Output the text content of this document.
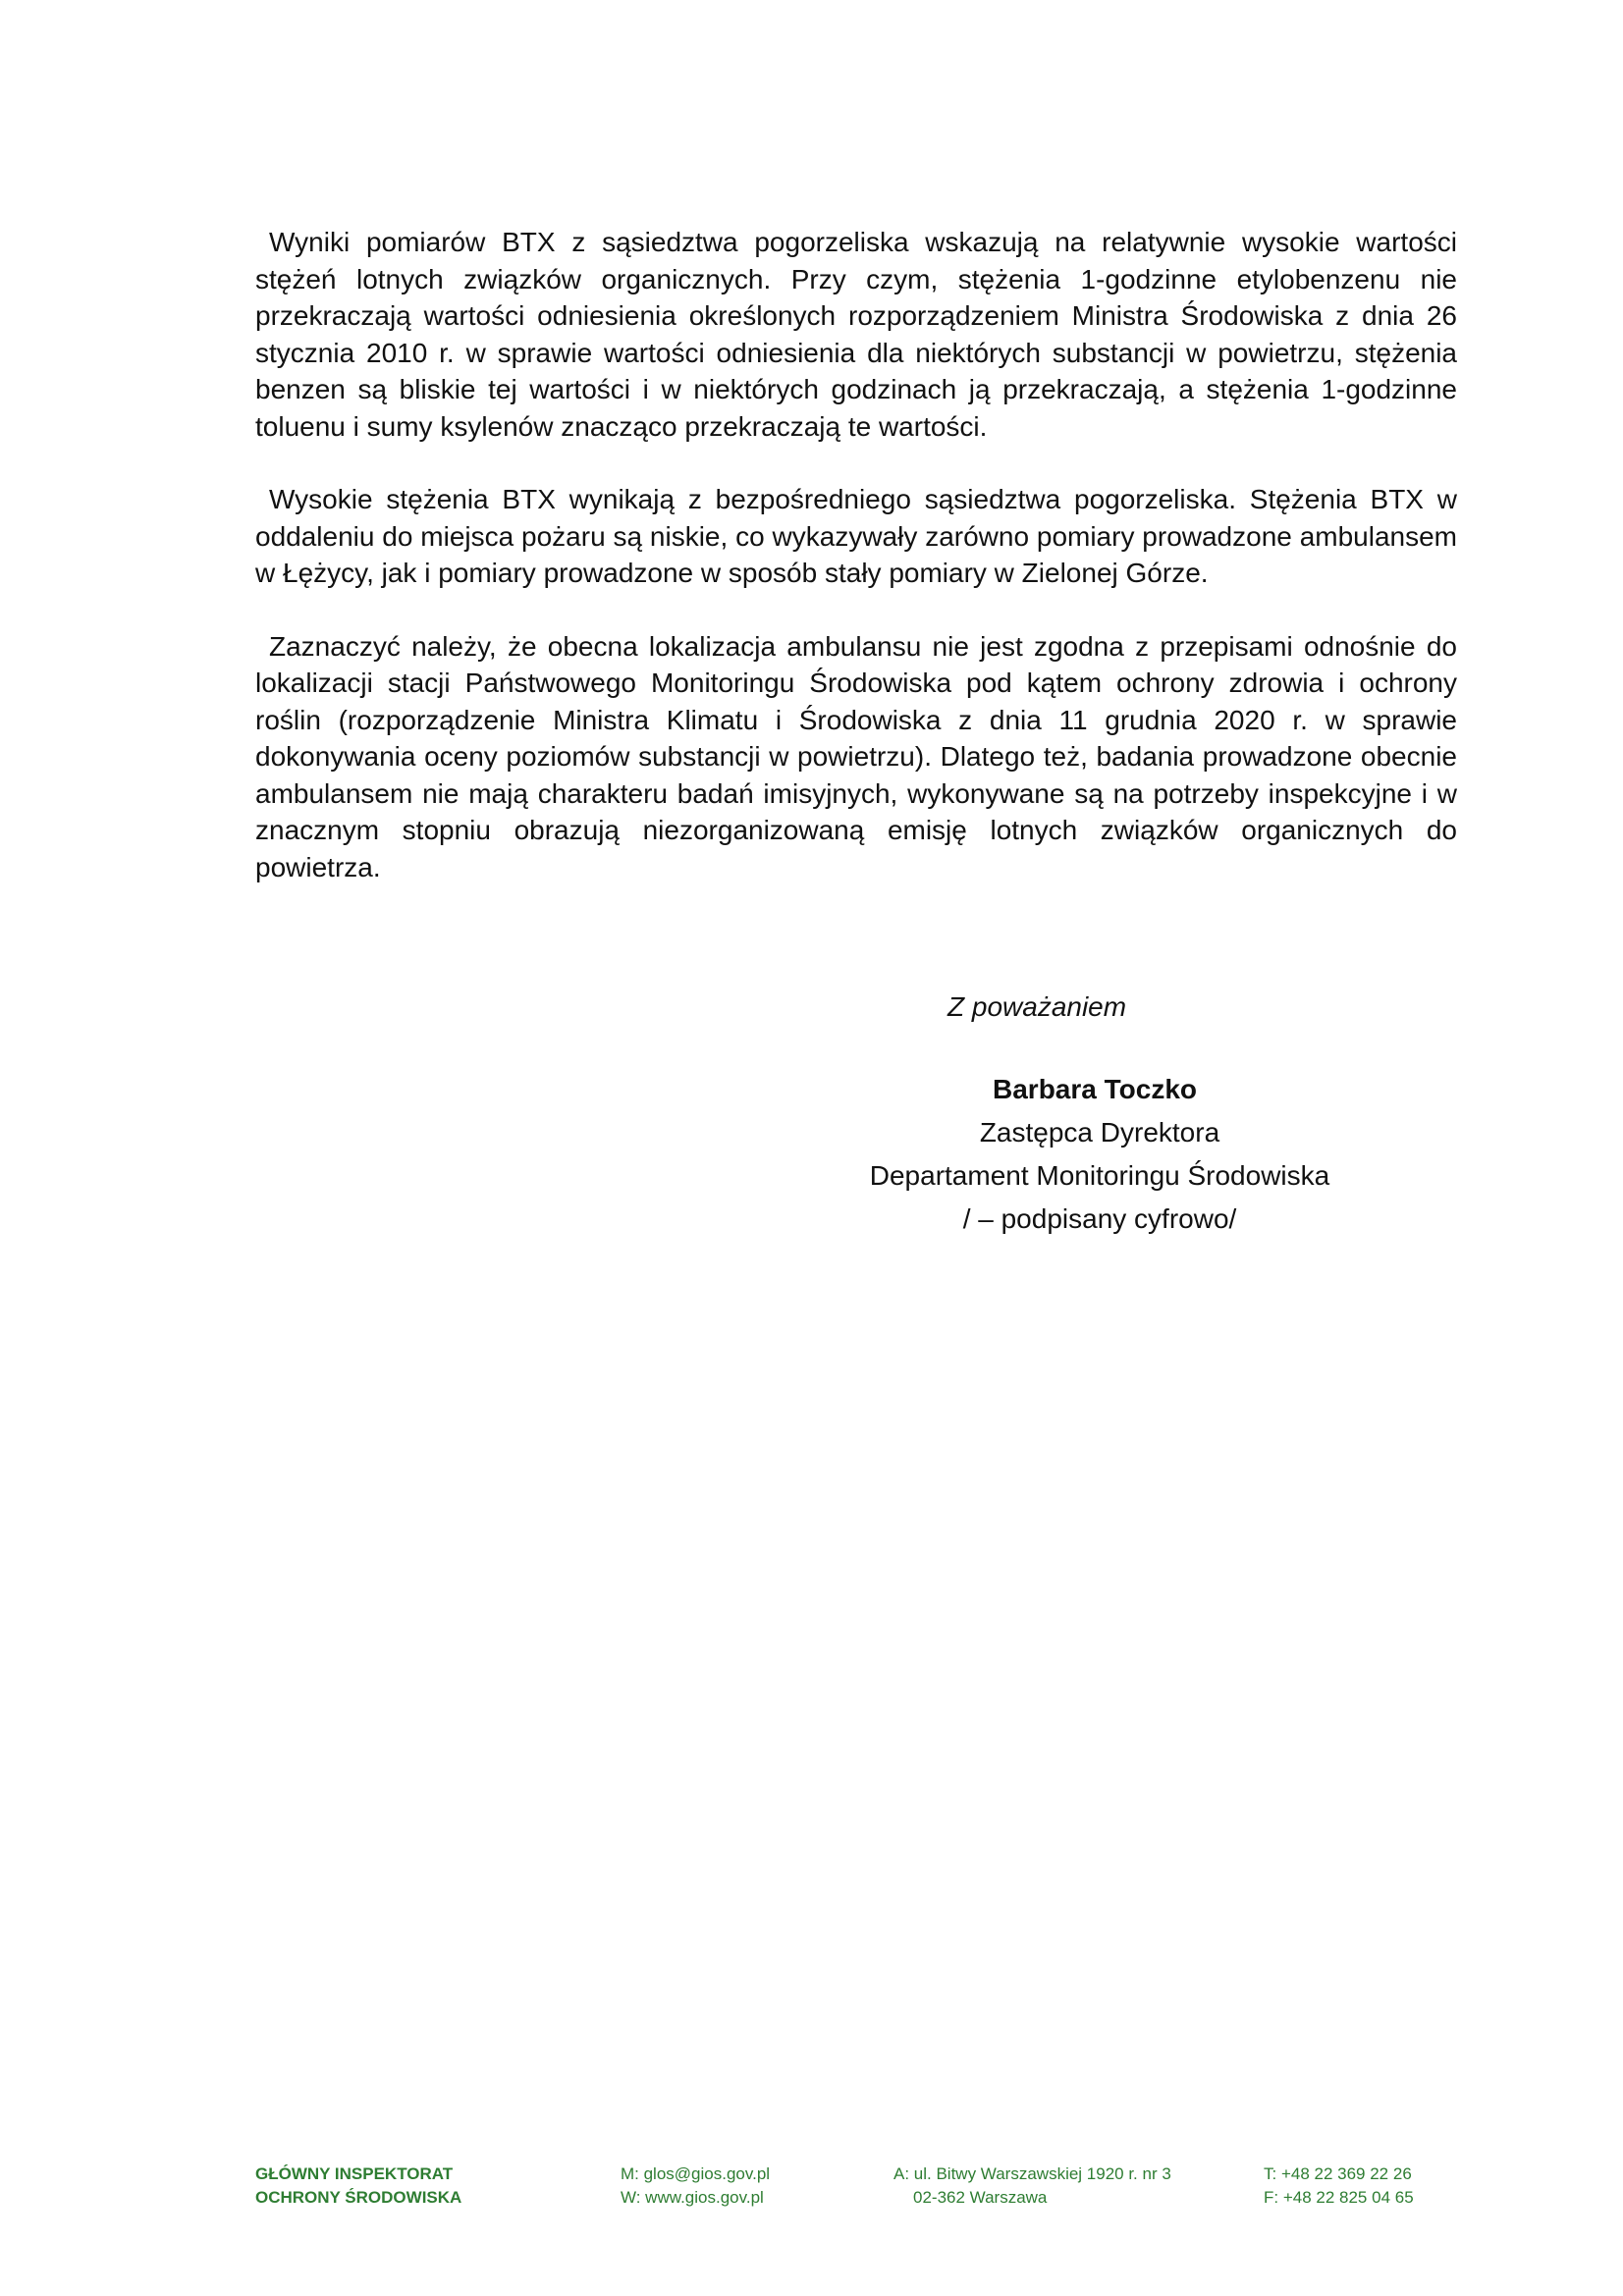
Wyniki pomiarów BTX z sąsiedztwa pogorzeliska wskazują na relatywnie wysokie wartości stężeń lotnych związków organicznych. Przy czym, stężenia 1-godzinne etylobenzenu nie przekraczają wartości odniesienia określonych rozporządzeniem Ministra Środowiska z dnia 26 stycznia 2010 r. w sprawie wartości odniesienia dla niektórych substancji w powietrzu, stężenia benzen są bliskie tej wartości i w niektórych godzinach ją przekraczają, a stężenia 1-godzinne toluenu i sumy ksylenów znacząco przekraczają te wartości.

Wysokie stężenia BTX wynikają z bezpośredniego sąsiedztwa pogorzeliska. Stężenia BTX w oddaleniu do miejsca pożaru są niskie, co wykazywały zarówno pomiary prowadzone ambulansem w Łężycy, jak i pomiary prowadzone w sposób stały pomiary w Zielonej Górze.

Zaznaczyć należy, że obecna lokalizacja ambulansu nie jest zgodna z przepisami odnośnie do lokalizacji stacji Państwowego Monitoringu Środowiska pod kątem ochrony zdrowia i ochrony roślin (rozporządzenie Ministra Klimatu i Środowiska z dnia 11 grudnia 2020 r. w sprawie dokonywania oceny poziomów substancji w powietrzu). Dlatego też, badania prowadzone obecnie ambulansem nie mają charakteru badań imisyjnych, wykonywane są na potrzeby inspekcyjne i w znacznym stopniu obrazują niezorganizowaną emisję lotnych związków organicznych do powietrza.

Z poważaniem
Barbara Toczko
Zastępca Dyrektora
Departament Monitoringu Środowiska
/ – podpisany cyfrowo/
GŁÓWNY INSPEKTORAT
OCHRONY ŚRODOWISKA
M: glos@gios.gov.pl
W: www.gios.gov.pl
A: ul. Bitwy Warszawskiej 1920 r. nr 3
02-362 Warszawa
T: +48 22 369 22 26
F: +48 22 825 04 65
